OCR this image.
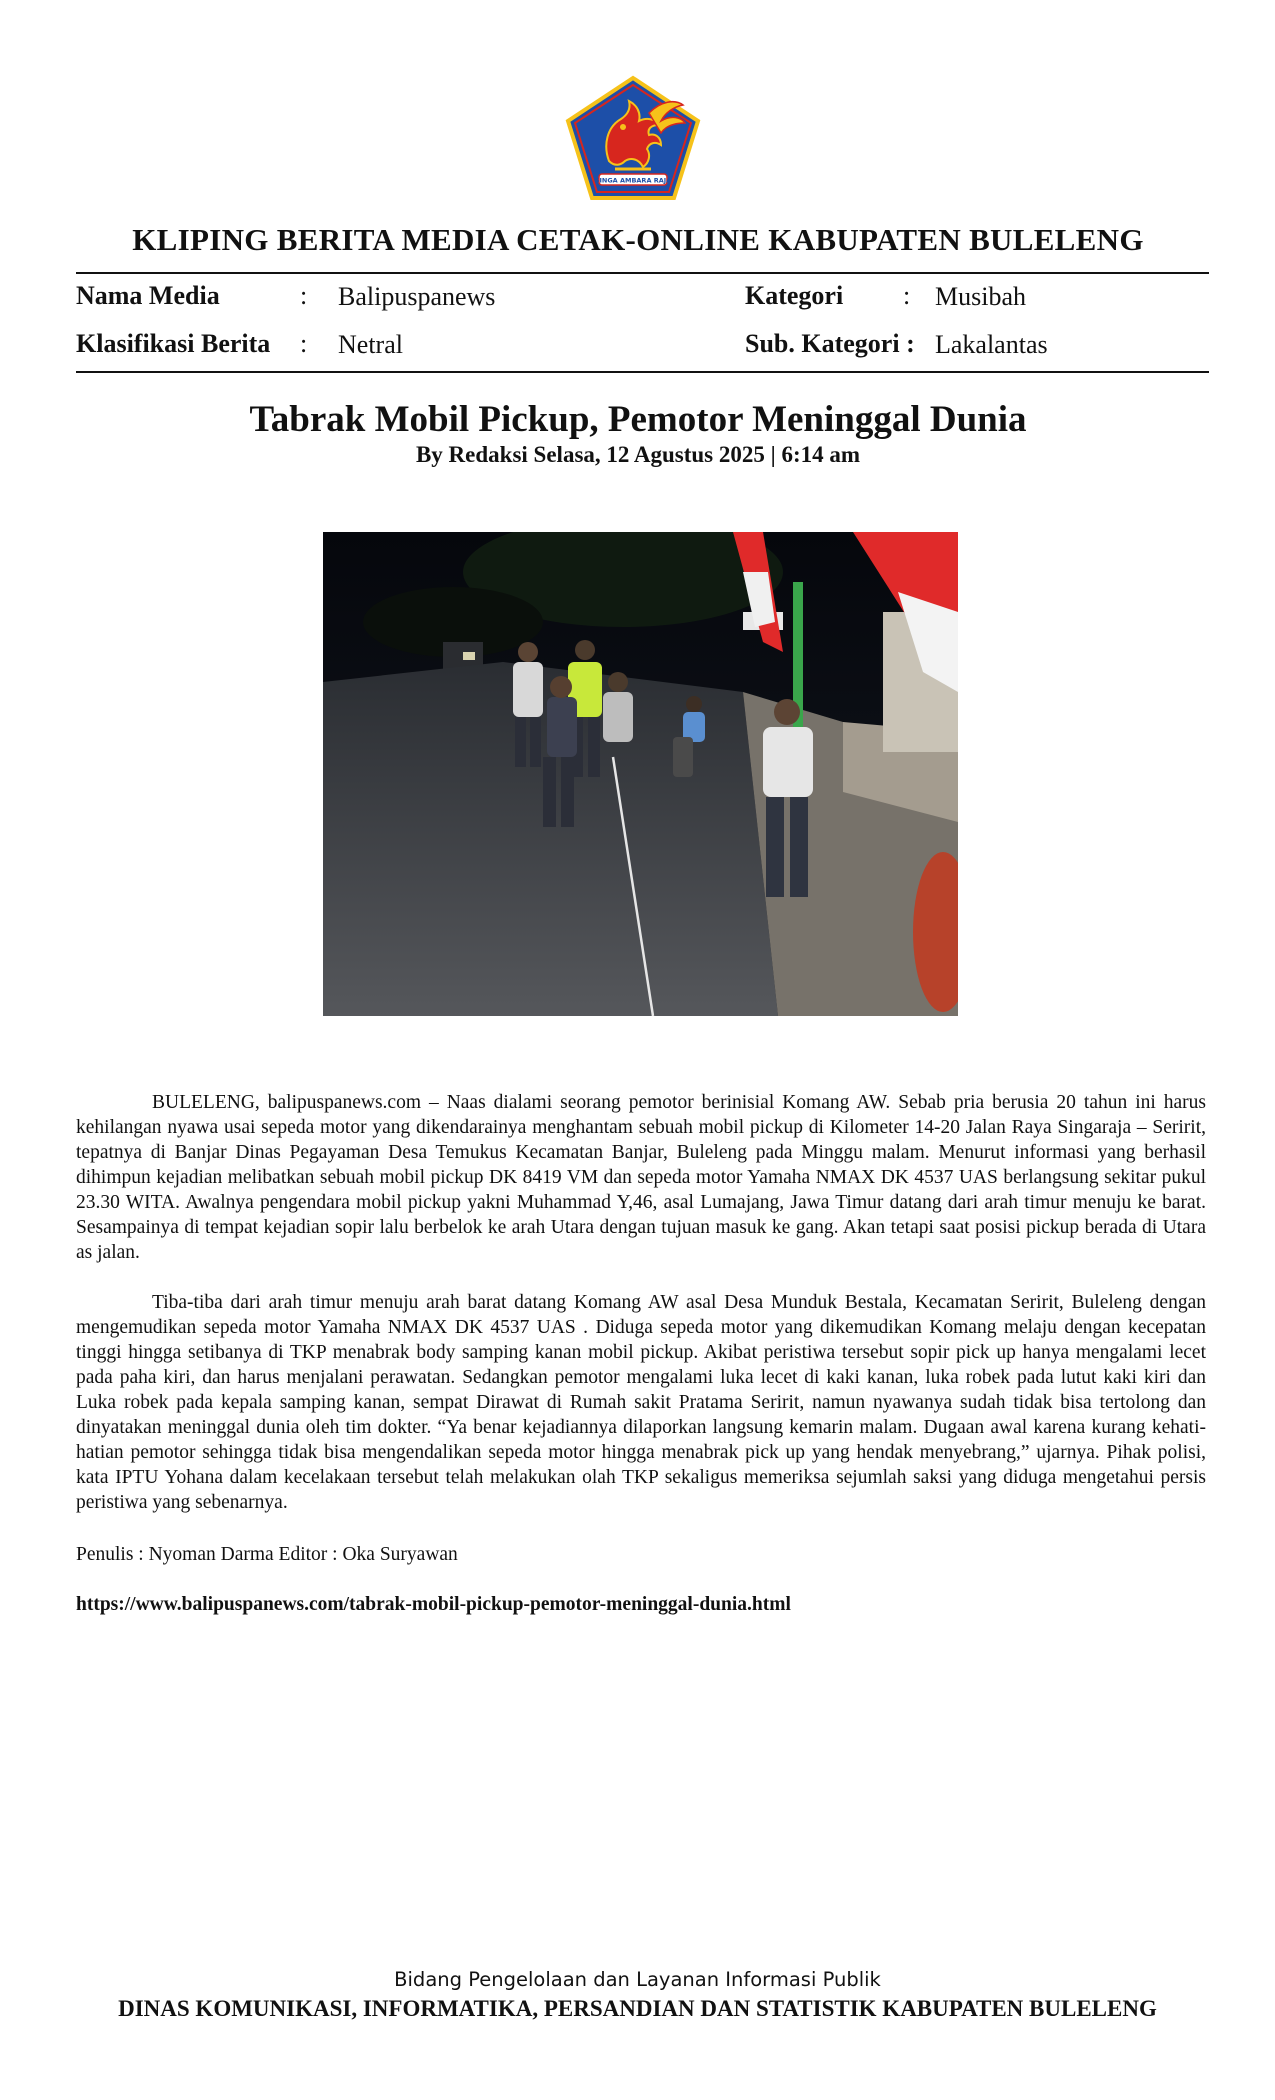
SINGA AMBARA RAJA
KLIPING BERITA MEDIA CETAK-ONLINE KABUPATEN BULELENG
Nama Media	: Balipuspanews	Kategori : Musibah
Klasifikasi Berita : Netral	Sub. Kategori : Lakalantas
Tabrak Mobil Pickup, Pemotor Meninggal Dunia
By Redaksi Selasa, 12 Agustus 2025 | 6:14 am

BULELENG, balipuspanews.com – Naas dialami seorang pemotor berinisial Komang AW. Sebab pria berusia 20 tahun ini harus kehilangan nyawa usai sepeda motor yang dikendarainya menghantam sebuah mobil pickup di Kilometer 14-20 Jalan Raya Singaraja – Seririt, tepatnya di Banjar Dinas Pegayaman Desa Temukus Kecamatan Banjar, Buleleng pada Minggu malam. Menurut informasi yang berhasil dihimpun kejadian melibatkan sebuah mobil pickup DK 8419 VM dan sepeda motor Yamaha NMAX DK 4537 UAS berlangsung sekitar pukul 23.30 WITA. Awalnya pengendara mobil pickup yakni Muhammad Y,46, asal Lumajang, Jawa Timur datang dari arah timur menuju ke barat. Sesampainya di tempat kejadian sopir lalu berbelok ke arah Utara dengan tujuan masuk ke gang. Akan tetapi saat posisi pickup berada di Utara as jalan.

Tiba-tiba dari arah timur menuju arah barat datang Komang AW asal Desa Munduk Bestala, Kecamatan Seririt, Buleleng dengan mengemudikan sepeda motor Yamaha NMAX DK 4537 UAS . Diduga sepeda motor yang dikemudikan Komang melaju dengan kecepatan tinggi hingga setibanya di TKP menabrak body samping kanan mobil pickup. Akibat peristiwa tersebut sopir pick up hanya mengalami lecet pada paha kiri, dan harus menjalani perawatan. Sedangkan pemotor mengalami luka lecet di kaki kanan, luka robek pada lutut kaki kiri dan Luka robek pada kepala samping kanan, sempat Dirawat di Rumah sakit Pratama Seririt, namun nyawanya sudah tidak bisa tertolong dan dinyatakan meninggal dunia oleh tim dokter. “Ya benar kejadiannya dilaporkan langsung kemarin malam. Dugaan awal karena kurang kehati-hatian pemotor sehingga tidak bisa mengendalikan sepeda motor hingga menabrak pick up yang hendak menyebrang,” ujarnya. Pihak polisi, kata IPTU Yohana dalam kecelakaan tersebut telah melakukan olah TKP sekaligus memeriksa sejumlah saksi yang diduga mengetahui persis peristiwa yang sebenarnya.

Penulis : Nyoman Darma Editor : Oka Suryawan
https://www.balipuspanews.com/tabrak-mobil-pickup-pemotor-meninggal-dunia.html
Bidang Pengelolaan dan Layanan Informasi Publik
DINAS KOMUNIKASI, INFORMATIKA, PERSANDIAN DAN STATISTIK KABUPATEN BULELENG
